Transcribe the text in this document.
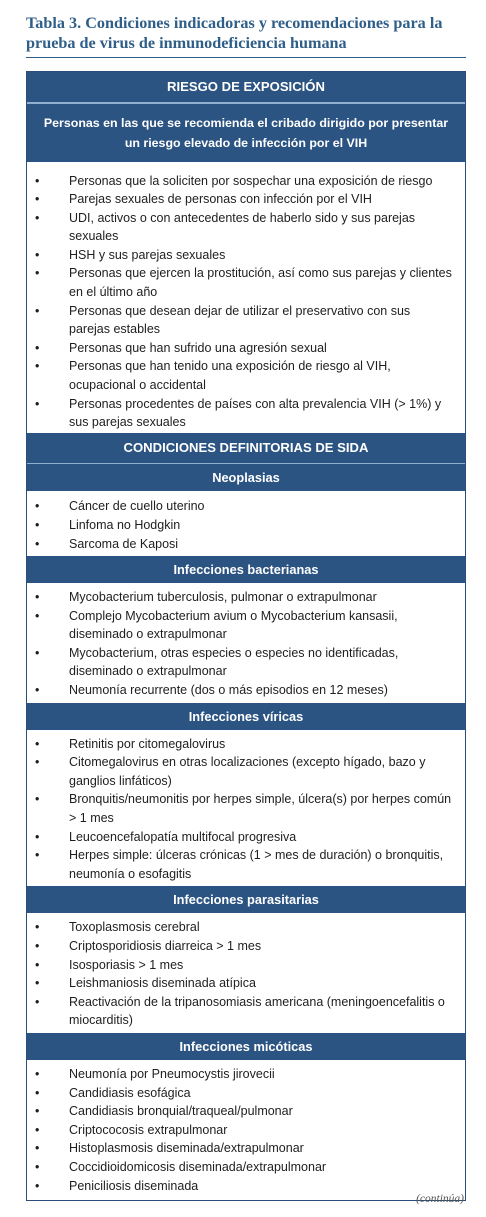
Tabla 3. Condiciones indicadoras y recomendaciones para la prueba de virus de inmunodeficiencia humana
RIESGO DE EXPOSICIÓN
Personas en las que se recomienda el cribado dirigido por presentar un riesgo elevado de infección por el VIH
• Personas que la soliciten por sospechar una exposición de riesgo
• Parejas sexuales de personas con infección por el VIH
• UDI, activos o con antecedentes de haberlo sido y sus parejas sexuales
• HSH y sus parejas sexuales
• Personas que ejercen la prostitución, así como sus parejas y clientes en el último año
• Personas que desean dejar de utilizar el preservativo con sus parejas estables
• Personas que han sufrido una agresión sexual
• Personas que han tenido una exposición de riesgo al VIH, ocupacional o accidental
• Personas procedentes de países con alta prevalencia VIH (> 1%) y sus parejas sexuales
CONDICIONES DEFINITORIAS DE SIDA
Neoplasias
• Cáncer de cuello uterino
• Linfoma no Hodgkin
• Sarcoma de Kaposi
Infecciones bacterianas
• Mycobacterium tuberculosis, pulmonar o extrapulmonar
• Complejo Mycobacterium avium o Mycobacterium kansasii, diseminado o extrapulmonar
• Mycobacterium, otras especies o especies no identificadas, diseminado o extrapulmonar
• Neumonía recurrente (dos o más episodios en 12 meses)
Infecciones víricas
• Retinitis por citomegalovirus
• Citomegalovirus en otras localizaciones (excepto hígado, bazo y ganglios linfáticos)
• Bronquitis/neumonitis por herpes simple, úlcera(s) por herpes común > 1 mes
• Leucoencefalopatía multifocal progresiva
• Herpes simple: úlceras crónicas (1 > mes de duración) o bronquitis, neumonía o esofagitis
Infecciones parasitarias
• Toxoplasmosis cerebral
• Criptosporidiosis diarreica > 1 mes
• Isosporiasis > 1 mes
• Leishmaniosis diseminada atípica
• Reactivación de la tripanosomiasis americana (meningoencefalitis o miocarditis)
Infecciones micóticas
• Neumonía por Pneumocystis jirovecii
• Candidiasis esofágica
• Candidiasis bronquial/traqueal/pulmonar
• Criptococosis extrapulmonar
• Histoplasmosis diseminada/extrapulmonar
• Coccidioidomicosis diseminada/extrapulmonar
• Peniciliosis diseminada
(continúa)
